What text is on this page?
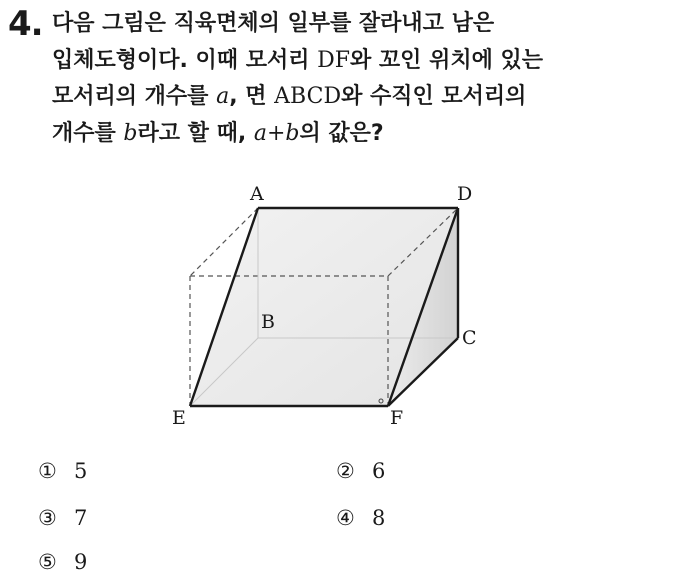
4. 다음 그림은 직육면체의 일부를 잘라내고 남은
입체도형이다. 이때 모서리 DF와 꼬인 위치에 있는
모서리의 개수를 a, 면 ABCD와 수직인 모서리의
개수를 b라고 할 때, a+b의 값은?

A	D
B
C
E	F
① 5	② 6
③ 7	④ 8
⑤ 9
